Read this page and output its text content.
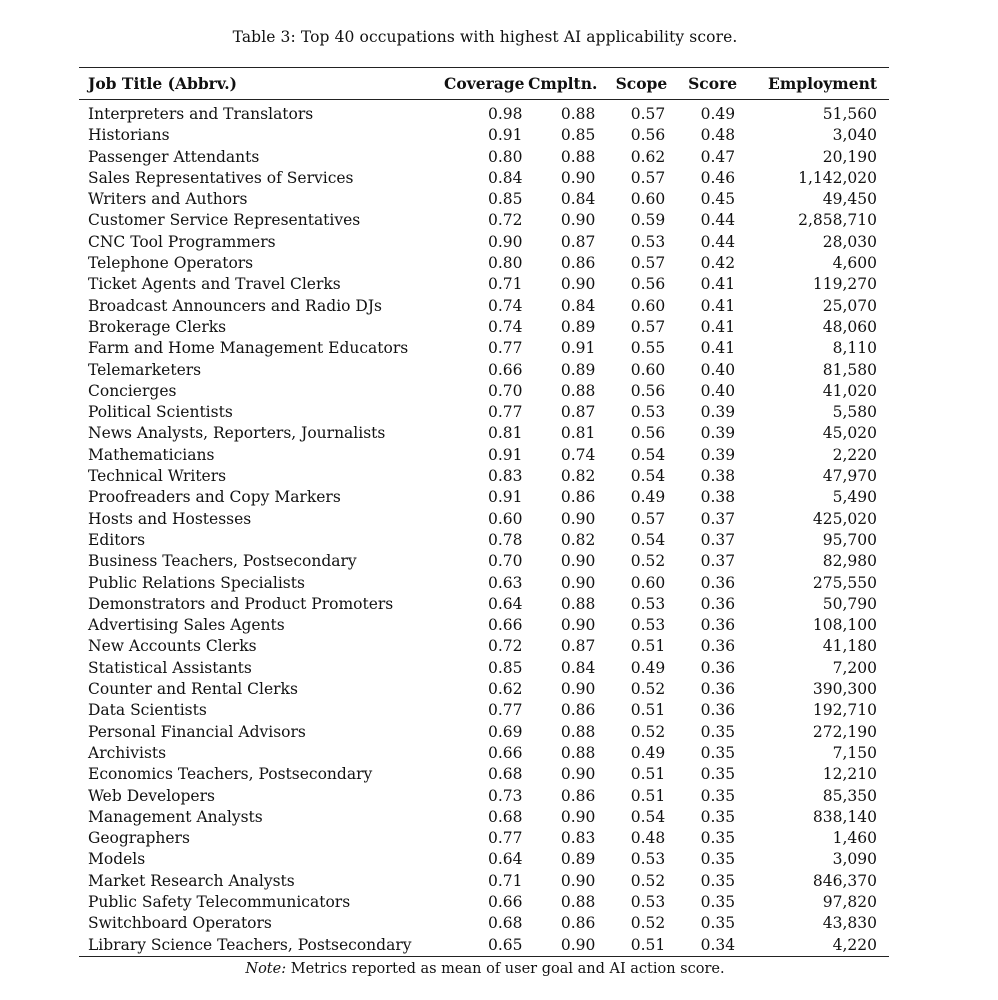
Table 3: Top 40 occupations with highest AI applicability score.
Job Title (Abbrv.)	Coverage	Cmpltn.	Scope	Score	Employment
Interpreters and Translators	0.98	0.88	0.57	0.49	51,560
Historians	0.91	0.85	0.56	0.48	3,040
Passenger Attendants	0.80	0.88	0.62	0.47	20,190
Sales Representatives of Services	0.84	0.90	0.57	0.46	1,142,020
Writers and Authors	0.85	0.84	0.60	0.45	49,450
Customer Service Representatives	0.72	0.90	0.59	0.44	2,858,710
CNC Tool Programmers	0.90	0.87	0.53	0.44	28,030
Telephone Operators	0.80	0.86	0.57	0.42	4,600
Ticket Agents and Travel Clerks	0.71	0.90	0.56	0.41	119,270
Broadcast Announcers and Radio DJs	0.74	0.84	0.60	0.41	25,070
Brokerage Clerks	0.74	0.89	0.57	0.41	48,060
Farm and Home Management Educators	0.77	0.91	0.55	0.41	8,110
Telemarketers	0.66	0.89	0.60	0.40	81,580
Concierges	0.70	0.88	0.56	0.40	41,020
Political Scientists	0.77	0.87	0.53	0.39	5,580
News Analysts, Reporters, Journalists	0.81	0.81	0.56	0.39	45,020
Mathematicians	0.91	0.74	0.54	0.39	2,220
Technical Writers	0.83	0.82	0.54	0.38	47,970
Proofreaders and Copy Markers	0.91	0.86	0.49	0.38	5,490
Hosts and Hostesses	0.60	0.90	0.57	0.37	425,020
Editors	0.78	0.82	0.54	0.37	95,700
Business Teachers, Postsecondary	0.70	0.90	0.52	0.37	82,980
Public Relations Specialists	0.63	0.90	0.60	0.36	275,550
Demonstrators and Product Promoters	0.64	0.88	0.53	0.36	50,790
Advertising Sales Agents	0.66	0.90	0.53	0.36	108,100
New Accounts Clerks	0.72	0.87	0.51	0.36	41,180
Statistical Assistants	0.85	0.84	0.49	0.36	7,200
Counter and Rental Clerks	0.62	0.90	0.52	0.36	390,300
Data Scientists	0.77	0.86	0.51	0.36	192,710
Personal Financial Advisors	0.69	0.88	0.52	0.35	272,190
Archivists	0.66	0.88	0.49	0.35	7,150
Economics Teachers, Postsecondary	0.68	0.90	0.51	0.35	12,210
Web Developers	0.73	0.86	0.51	0.35	85,350
Management Analysts	0.68	0.90	0.54	0.35	838,140
Geographers	0.77	0.83	0.48	0.35	1,460
Models	0.64	0.89	0.53	0.35	3,090
Market Research Analysts	0.71	0.90	0.52	0.35	846,370
Public Safety Telecommunicators	0.66	0.88	0.53	0.35	97,820
Switchboard Operators	0.68	0.86	0.52	0.35	43,830
Library Science Teachers, Postsecondary	0.65	0.90	0.51	0.34	4,220
Note: Metrics reported as mean of user goal and AI action score.
